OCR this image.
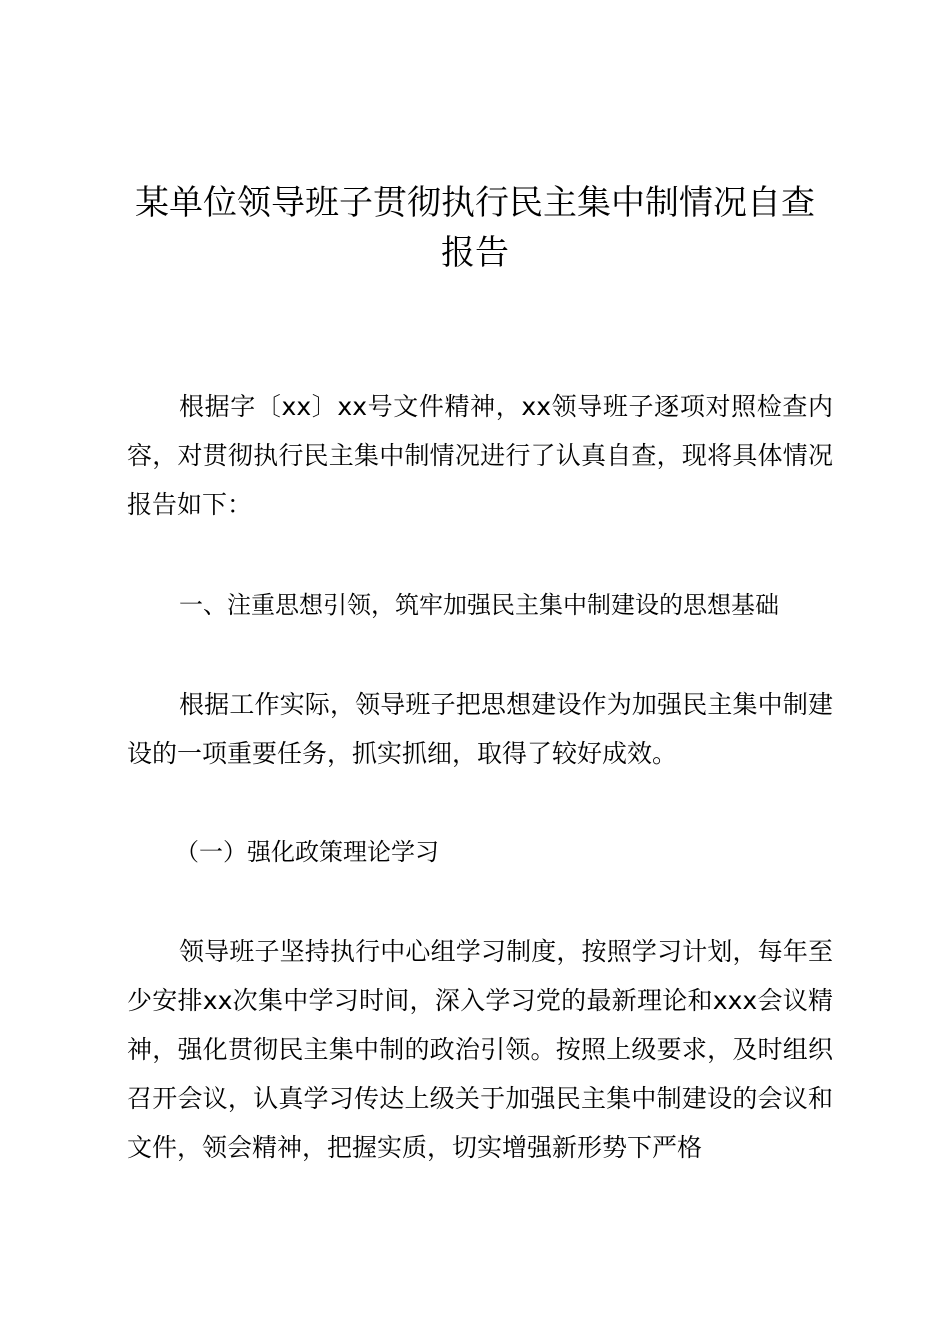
某单位领导班子贯彻执行民主集中制情况自查报告

根据字〔xx〕xx号文件精神，xx领导班子逐项对照检查内容，对贯彻执行民主集中制情况进行了认真自查，现将具体情况报告如下：

一、注重思想引领，筑牢加强民主集中制建设的思想基础

根据工作实际，领导班子把思想建设作为加强民主集中制建设的一项重要任务，抓实抓细，取得了较好成效。

（一）强化政策理论学习

领导班子坚持执行中心组学习制度，按照学习计划，每年至少安排xx次集中学习时间，深入学习党的最新理论和xxx会议精神，强化贯彻民主集中制的政治引领。按照上级要求，及时组织召开会议，认真学习传达上级关于加强民主集中制建设的会议和文件，领会精神，把握实质，切实增强新形势下严格
